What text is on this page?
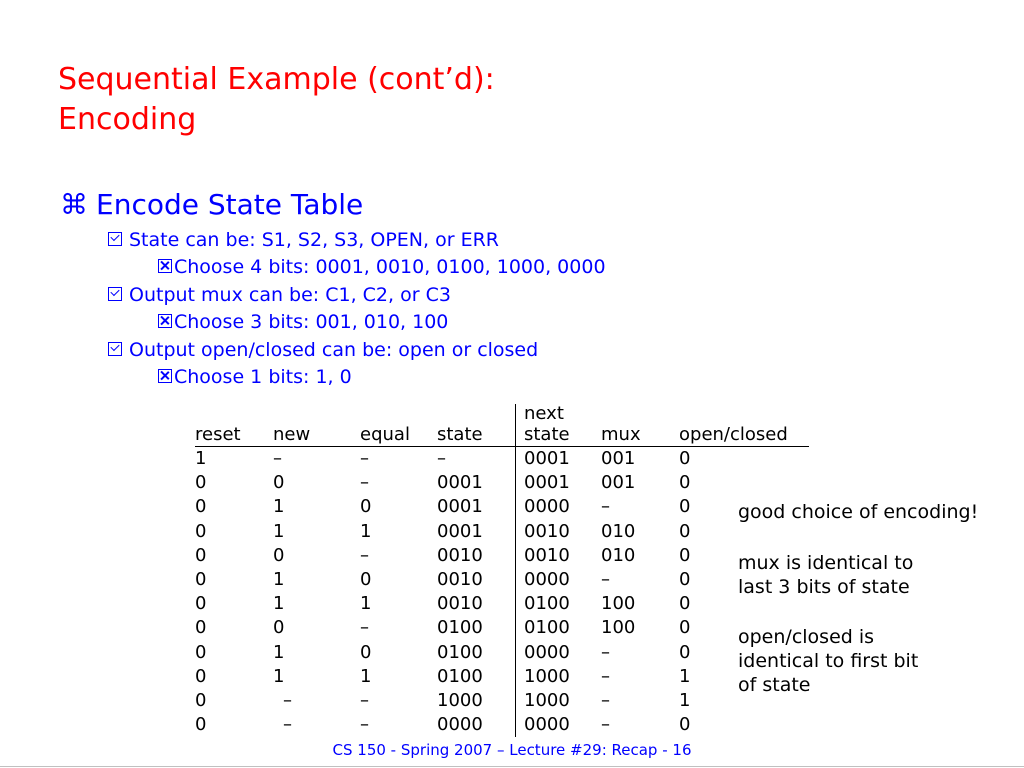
Sequential Example (cont’d):
Encoding
⌘ Encode State Table
State can be: S1, S2, S3, OPEN, or ERR
Choose 4 bits: 0001, 0010, 0100, 1000, 0000
Output mux can be: C1, C2, or C3
Choose 3 bits: 001, 010, 100
Output open/closed can be: open or closed
Choose 1 bits: 1, 0
				next		
reset	new	equal	state	state	mux	open/closed
1	–	–	–	0001	001	0
0	0	–	0001	0001	001	0
0	1	0	0001	0000	–	0
0	1	1	0001	0010	010	0
0	0	–	0010	0010	010	0
0	1	0	0010	0000	–	0
0	1	1	0010	0100	100	0
0	0	–	0100	0100	100	0
0	1	0	0100	0000	–	0
0	1	1	0100	1000	–	1
0	–	–	1000	1000	–	1
0	–	–	0000	0000	–	0
good choice of encoding!
mux is identical to
last 3 bits of state
open/closed is
identical to first bit
of state
CS 150 - Spring 2007 – Lecture #29: Recap - 16
